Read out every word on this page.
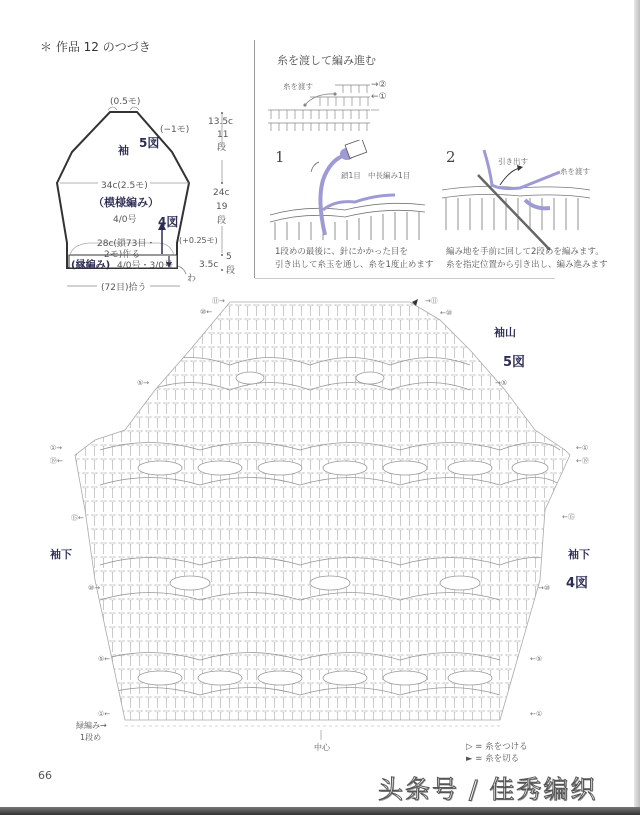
＊ 作品 12 のつづき
(0.5モ)
(−1モ)
袖
5図
34c(2.5モ)
（模様編み）
4/0号 4図
(+0.25モ)
28c(鎖73目・
2モ)作る
(縁編み) 4/0号・3/0号
わ
(72目)拾う
13.5c
11
段
24c
19
段
3.5c
5
段
糸を渡して編み進む
糸を渡す	→②
←①
1
鎖1目 中長編み1目
1段めの最後に、針にかかった目を
引き出して糸玉を通し、糸を1度止めます
2	引き出す
糸を渡す
編み地を手前に回して2段めを編みます。
糸を指定位置から引き出し、編み進みます
⑪→	→⑪
⑩←	←⑩
⑤→	→⑤
①→	←①
⑲←	←⑲
⑮←	←⑮
⑩→	→⑩
⑤←	←⑤
①←	←①
袖山
5図
袖下	袖下
4図
緑編み→
1段め
中心	▷ = 糸をつける
► = 糸を切る
66	头条号 / 佳秀编织
